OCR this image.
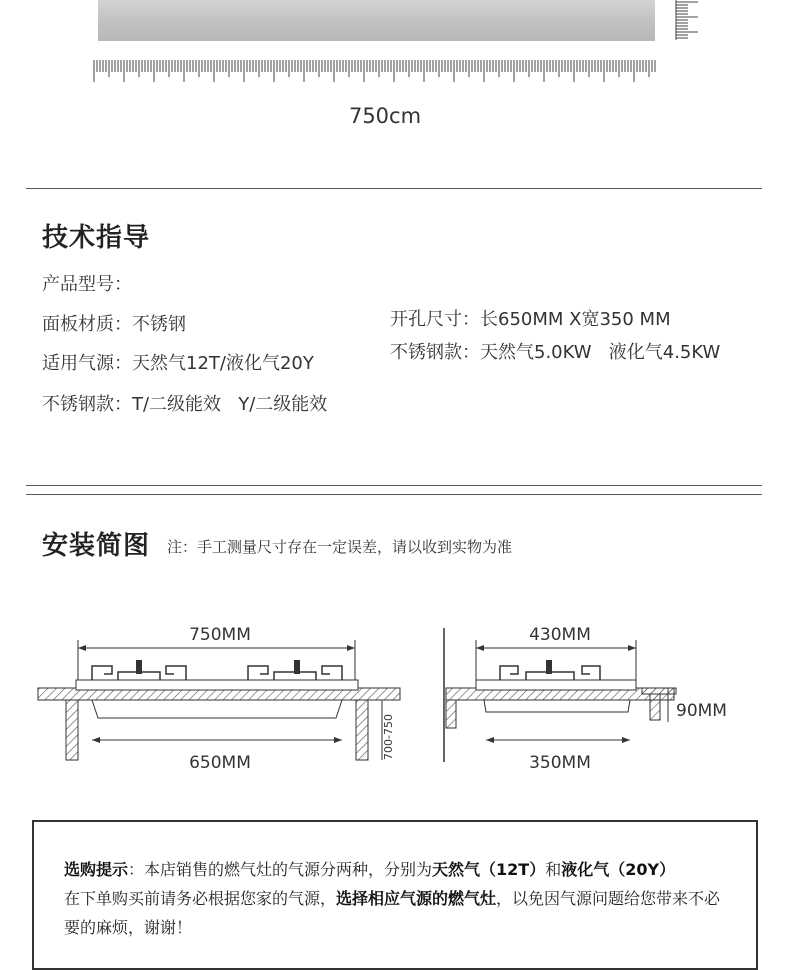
750cm
技术指导
产品型号：
面板材质：不锈钢
适用气源：天然气12T/液化气20Y
不锈钢款：T/二级能效   Y/二级能效
开孔尺寸：长650MM X宽350 MM
不锈钢款：天然气5.0KW   液化气4.5KW
安装简图 注：手工测量尺寸存在一定误差，请以收到实物为准
750MM
650MM
700-750
430MM
90MM
350MM
选购提示：本店销售的燃气灶的气源分两种，分别为天然气（12T）和液化气（20Y）
在下单购买前请务必根据您家的气源，选择相应气源的燃气灶，以免因气源问题给您带来不必要的麻烦，谢谢！
